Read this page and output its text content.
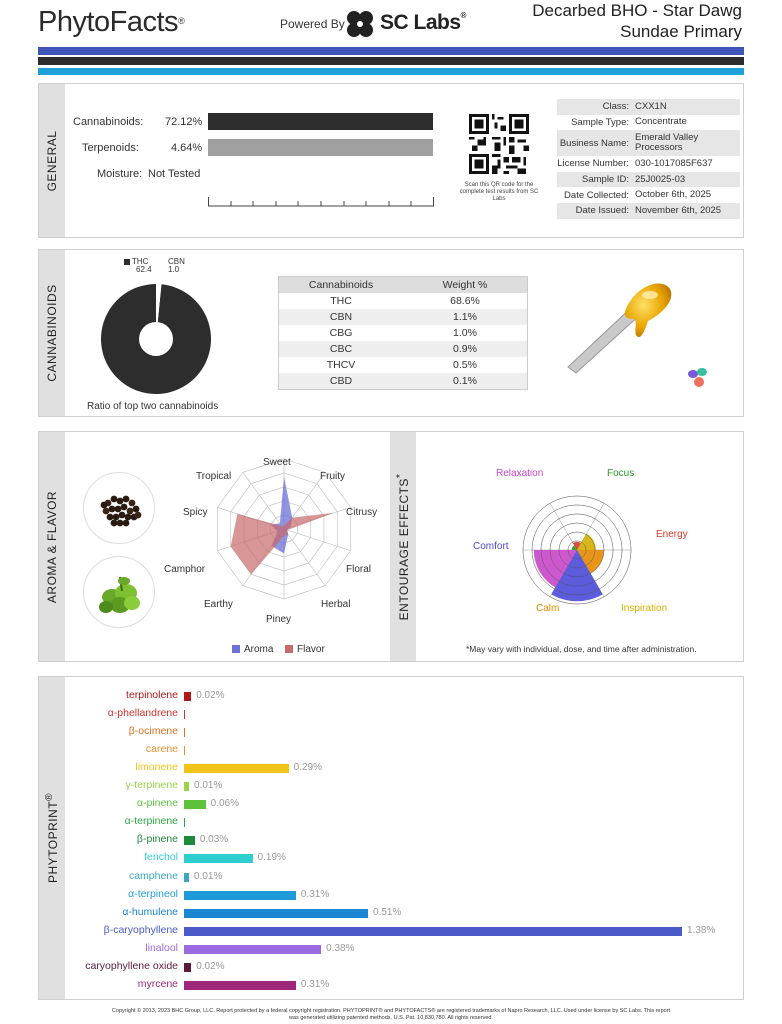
PhytoFacts®	Powered By SC Labs®	Decarbed BHO - Star Dawg
Sundae Primary
GENERAL
Cannabinoids: 72.12%
Terpenoids:	4.64%
Moisture: Not Tested
Scan this QR code for the complete test results from SC Labs
Class: CXX1N
Sample Type: Concentrate
Business Name: Emerald Valley Processors
License Number: 030-1017085F637
Sample ID: 25J0025-03
Date Collected: October 6th, 2025
Date Issued: November 6th, 2025
CANNABINOIDS
THC
62.4
CBN
1.0
Ratio of top two cannabinoids
Cannabinoids	Weight %
THC	68.6%
CBN	1.1%
CBG	1.0%
CBC	0.9%
THCV	0.5%
CBD	0.1%
AROMA & FLAVOR
Sweet
Fruity
Citrusy
Floral
Herbal
Piney
Earthy
Camphor
Spicy
Tropical
Aroma	Flavor
ENTOURAGE EFFECTS*	Relaxation	Focus
Energy
Inspiration
Calm
Comfort
*May vary with individual, dose, and time after administration.
PHYTOPRINT®
terpinolene 0.02%
α-phellandrene
β-ocimene
carene
limonene	0.29%
γ-terpinene 0.01%
α-pinene	0.06%
α-terpinene
β-pinene 0.03%
fenchol	0.19%
camphene 0.01%
α-terpineol	0.31%
α-humulene	0.51%
β-caryophyllene	1.38%
linalool	0.38%
caryophyllene oxide 0.02%
myrcene	0.31%
Copyright © 2013, 2023 BHC Group, LLC. Report protected by a federal copyright registration. PHYTOPRINT® and PHYTOFACTS® are registered trademarks of Napro Research, LLC. Used under license by SC Labs. This report
was generated utilizing patented methods. U.S. Pat. 10,830,780. All rights reserved.
